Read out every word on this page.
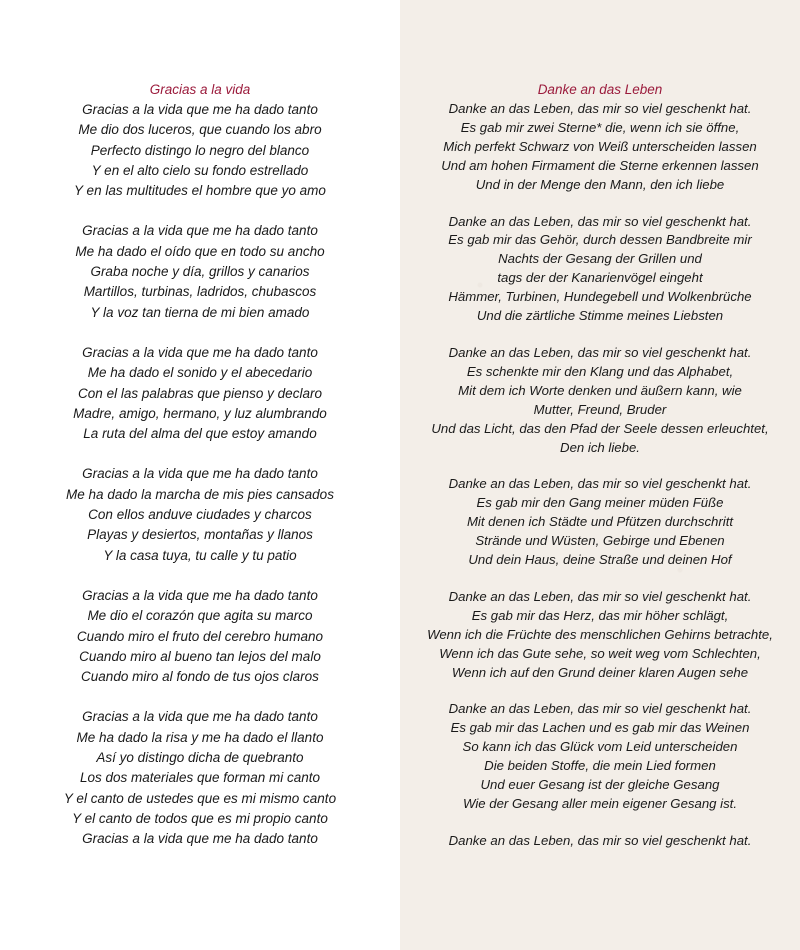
Gracias a la vida
Gracias a la vida que me ha dado tanto
Me dio dos luceros, que cuando los abro
Perfecto distingo lo negro del blanco
Y en el alto cielo su fondo estrellado
Y en las multitudes el hombre que yo amo
Gracias a la vida que me ha dado tanto
Me ha dado el oído que en todo su ancho
Graba noche y día, grillos y canarios
Martillos, turbinas, ladridos, chubascos
Y la voz tan tierna de mi bien amado
Gracias a la vida que me ha dado tanto
Me ha dado el sonido y el abecedario
Con el las palabras que pienso y declaro
Madre, amigo, hermano, y luz alumbrando
La ruta del alma del que estoy amando
Gracias a la vida que me ha dado tanto
Me ha dado la marcha de mis pies cansados
Con ellos anduve ciudades y charcos
Playas y desiertos, montañas y llanos
Y la casa tuya, tu calle y tu patio
Gracias a la vida que me ha dado tanto
Me dio el corazón que agita su marco
Cuando miro el fruto del cerebro humano
Cuando miro al bueno tan lejos del malo
Cuando miro al fondo de tus ojos claros
Gracias a la vida que me ha dado tanto
Me ha dado la risa y me ha dado el llanto
Así yo distingo dicha de quebranto
Los dos materiales que forman mi canto
Y el canto de ustedes que es mi mismo canto
Y el canto de todos que es mi propio canto
Gracias a la vida que me ha dado tanto
Danke an das Leben
Danke an das Leben, das mir so viel geschenkt hat.
Es gab mir zwei Sterne* die, wenn ich sie öffne,
Mich perfekt Schwarz von Weiß unterscheiden lassen
Und am hohen Firmament die Sterne erkennen lassen
Und in der Menge den Mann, den ich liebe
Danke an das Leben, das mir so viel geschenkt hat.
Es gab mir das Gehör, durch dessen Bandbreite mir
Nachts der Gesang der Grillen und
tags der der Kanarienvögel eingeht
Hämmer, Turbinen, Hundegebell und Wolkenbrüche
Und die zärtliche Stimme meines Liebsten
Danke an das Leben, das mir so viel geschenkt hat.
Es schenkte mir den Klang und das Alphabet,
Mit dem ich Worte denken und äußern kann, wie
Mutter, Freund, Bruder
Und das Licht, das den Pfad der Seele dessen erleuchtet,
Den ich liebe.
Danke an das Leben, das mir so viel geschenkt hat.
Es gab mir den Gang meiner müden Füße
Mit denen ich Städte und Pfützen durchschritt
Strände und Wüsten, Gebirge und Ebenen
Und dein Haus, deine Straße und deinen Hof
Danke an das Leben, das mir so viel geschenkt hat.
Es gab mir das Herz, das mir höher schlägt,
Wenn ich die Früchte des menschlichen Gehirns betrachte,
Wenn ich das Gute sehe, so weit weg vom Schlechten,
Wenn ich auf den Grund deiner klaren Augen sehe
Danke an das Leben, das mir so viel geschenkt hat.
Es gab mir das Lachen und es gab mir das Weinen
So kann ich das Glück vom Leid unterscheiden
Die beiden Stoffe, die mein Lied formen
Und euer Gesang ist der gleiche Gesang
Wie der Gesang aller mein eigener Gesang ist.
Danke an das Leben, das mir so viel geschenkt hat.
